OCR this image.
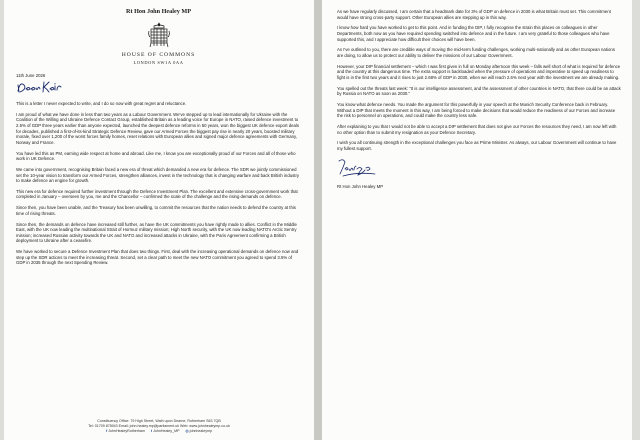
Rt Hon John Healey MP

HOUSE OF COMMONS

LONDON SW1A 0AA

11th June 2026

This is a letter I never expected to write, and I do so now with great regret and reluctance.

I am proud of what we have done in less than two years as a Labour Government. We've stepped up to lead internationally for Ukraine with the Coalition of the Willing and Ukraine Defence Contact Group, established Britain as a leading voice for Europe in NATO, raised defence investment to 2.5% of GDP three years earlier than anyone expected, launched the deepest defence reforms in 50 years, won the biggest UK defence export deals for decades, published a first-of-its-kind Strategic Defence Review, gave our Armed Forces the biggest pay rise in nearly 20 years, boosted military morale, fixed over 1,200 of the worst forces family homes, reset relations with European allies and signed major defence agreements with Germany, Norway and France.

You have led this as PM, earning wide respect at home and abroad. Like me, I know you are exceptionally proud of our Forces and all of those who work in UK Defence.

We came into government, recognising Britain faced a new era of threat which demanded a new era for defence. The SDR we jointly commissioned set the 10-year vision to transform our Armed Forces, strengthen alliances, invest in the technology that is changing warfare and back British industry to make defence an engine for growth.

This new era for defence required further investment through the Defence Investment Plan. The excellent and extensive cross-government work that completed in January – overseen by you, me and the Chancellor – confirmed the scale of the challenge and the rising demands on defence.

Since then, you have been unable, and the Treasury has been unwilling, to commit the resources that the nation needs to defend the country at this time of rising threats.

Since then, the demands on defence have increased still further, as have the UK commitments you have rightly made to allies. Conflict in the Middle East, with the UK now leading the multinational Strait of Hormuz military mission; High North security, with the UK now leading NATO's Arctic Sentry mission; increased Russian activity towards the UK and NATO and increased attacks in Ukraine, with the Paris Agreement confirming a British deployment to Ukraine after a ceasefire.

We have worked to secure a Defence Investment Plan that does two things. First, deal with the increasing operational demands on defence now and step up the SDR actions to meet the increasing threat. Second, set a clear path to meet the new NATO commitment you agreed to spend 3.5% of GDP in 2035 through the next Spending Review.

Constituency Office: 79 High Street, Wath upon Dearne, Rotherham S63 7QB
Tel: 01709 875943 Email: john.healey.mp@parliament.uk Web: www.johnhealeymp.co.uk
f JohnHealeyRotherham t JohnHealey_MP ◎ johnhealeymp

As we have regularly discussed, I am certain that a headmark date for 3% of GDP on defence in 2030 is what Britain must set. This commitment would have strong cross-party support. Other European allies are stepping up in this way.

I know how hard you have worked to get to this point. And in funding the DIP, I fully recognise the strain this places on colleagues in other Departments, both now as you have required spending switched into defence and in the future. I am very grateful to those colleagues who have supported this, and I appreciate how difficult their choices will have been.

As I've outlined to you, there are credible ways of moving the mid-term funding challenges, working multi-nationally and as other European nations are doing, to allow us to protect our ability to deliver the missions of our Labour Government.

However, your DIP financial settlement – which I was first given in full on Monday afternoon this week – falls well short of what is required for defence and the country at this dangerous time. The extra support is backloaded when the pressure of operations and imperative to speed up readiness to fight is in the first two years and it rises to just 2.68% of GDP in 2030, when we will reach 2.6% next year with the investment we are already making.

You spelled out the threats last week: "It is our intelligence assessment, and the assessment of other countries in NATO, that there could be an attack by Russia on NATO as soon as 2030."

You know what defence needs. You made the argument for this powerfully in your speech at the Munich Security Conference back in February. Without a DIP that meets the moment in this way, I am being forced to make decisions that would reduce the readiness of our Forces and increase the risk to personnel on operations, and could make the country less safe.

After explaining to you that I would not be able to accept a DIP settlement that does not give our Forces the resources they need, I am now left with no other option than to submit my resignation as your Defence Secretary.

I wish you all continuing strength in the exceptional challenges you face as Prime Minister. As always, our Labour Government will continue to have my fullest support.

Rt Hon John Healey MP
